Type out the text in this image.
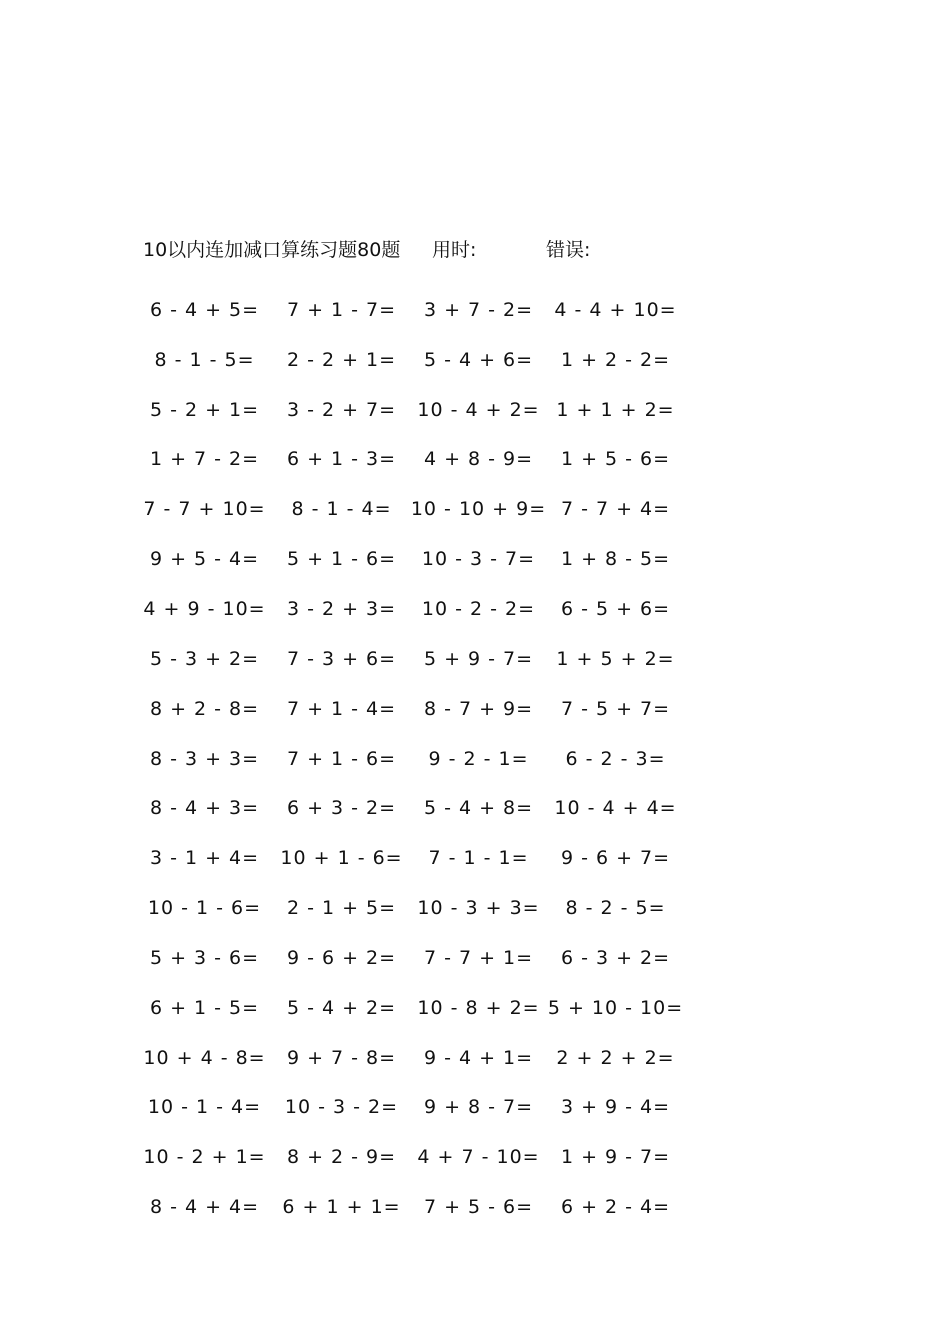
10以内连加减口算练习题80题 用时:	错误:
6 - 4 + 5=	7 + 1 - 7=	3 + 7 - 2=	4 - 4 + 10=
8 - 1 - 5=	2 - 2 + 1=	5 - 4 + 6=	1 + 2 - 2=
5 - 2 + 1=	3 - 2 + 7=	10 - 4 + 2= 1 + 1 + 2=
1 + 7 - 2=	6 + 1 - 3=	4 + 8 - 9=	1 + 5 - 6=
7 - 7 + 10=	8 - 1 - 4=	10 - 10 + 9= 7 - 7 + 4=
9 + 5 - 4=	5 + 1 - 6=	10 - 3 - 7=	1 + 8 - 5=
4 + 9 - 10=	3 - 2 + 3=	10 - 2 - 2=	6 - 5 + 6=
5 - 3 + 2=	7 - 3 + 6=	5 + 9 - 7=	1 + 5 + 2=
8 + 2 - 8=	7 + 1 - 4=	8 - 7 + 9=	7 - 5 + 7=
8 - 3 + 3=	7 + 1 - 6=	9 - 2 - 1=	6 - 2 - 3=
8 - 4 + 3=	6 + 3 - 2=	5 - 4 + 8=	10 - 4 + 4=
3 - 1 + 4=	10 + 1 - 6=	7 - 1 - 1=	9 - 6 + 7=
10 - 1 - 6=	2 - 1 + 5=	10 - 3 + 3=	8 - 2 - 5=
5 + 3 - 6=	9 - 6 + 2=	7 - 7 + 1=	6 - 3 + 2=
6 + 1 - 5=	5 - 4 + 2=	10 - 8 + 2= 5 + 10 - 10=
10 + 4 - 8=	9 + 7 - 8=	9 - 4 + 1=	2 + 2 + 2=
10 - 1 - 4=	10 - 3 - 2=	9 + 8 - 7=	3 + 9 - 4=
10 - 2 + 1=	8 + 2 - 9=	4 + 7 - 10=	1 + 9 - 7=
8 - 4 + 4=	6 + 1 + 1=	7 + 5 - 6=	6 + 2 - 4=
